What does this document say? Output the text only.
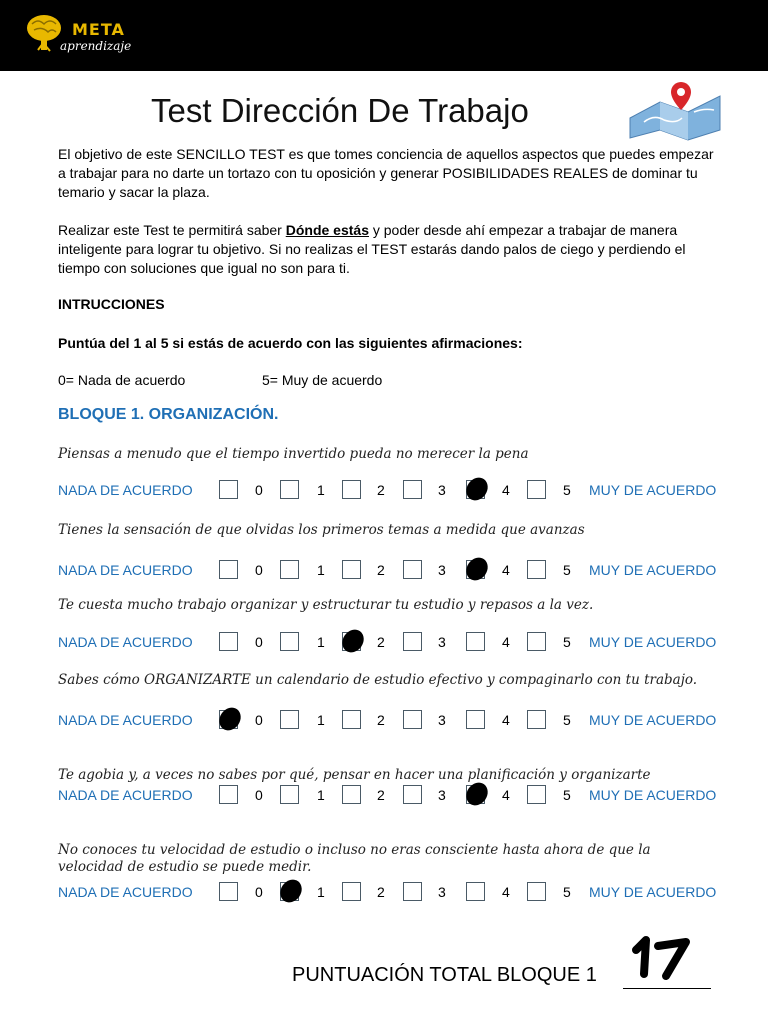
META
aprendizaje
Test Dirección De Trabajo
El objetivo de este SENCILLO TEST es que tomes conciencia de aquellos aspectos que puedes empezar a trabajar para no darte un tortazo con tu oposición y generar POSIBILIDADES REALES de dominar tu temario y sacar la plaza.
Realizar este Test te permitirá saber Dónde estás y poder desde ahí empezar a trabajar de manera inteligente para lograr tu objetivo. Si no realizas el TEST estarás dando palos de ciego y perdiendo el tiempo con soluciones que igual no son para ti.
INTRUCCIONES
Puntúa del 1 al 5 si estás de acuerdo con las siguientes afirmaciones:
0= Nada de acuerdo	5= Muy de acuerdo
BLOQUE 1. ORGANIZACIÓN.
Piensas a menudo que el tiempo invertido pueda no merecer la pena
NADA DE ACUERDO	0	1	2	3	4	5 MUY DE ACUERDO
Tienes la sensación de que olvidas los primeros temas a medida que avanzas
NADA DE ACUERDO	0	1	2	3	4	5 MUY DE ACUERDO
Te cuesta mucho trabajo organizar y estructurar tu estudio y repasos a la vez.
NADA DE ACUERDO	0	1	2	3	4	5 MUY DE ACUERDO
Sabes cómo ORGANIZARTE un calendario de estudio efectivo y compaginarlo con tu trabajo.
NADA DE ACUERDO	0	1	2	3	4	5 MUY DE ACUERDO
Te agobia y, a veces no sabes por qué, pensar en hacer una planificación y organizarte
NADA DE ACUERDO	0	1	2	3	4	5 MUY DE ACUERDO
No conoces tu velocidad de estudio o incluso no eras consciente hasta ahora de que la velocidad de estudio se puede medir.
NADA DE ACUERDO	0	1	2	3	4	5 MUY DE ACUERDO
PUNTUACIÓN TOTAL BLOQUE 1
